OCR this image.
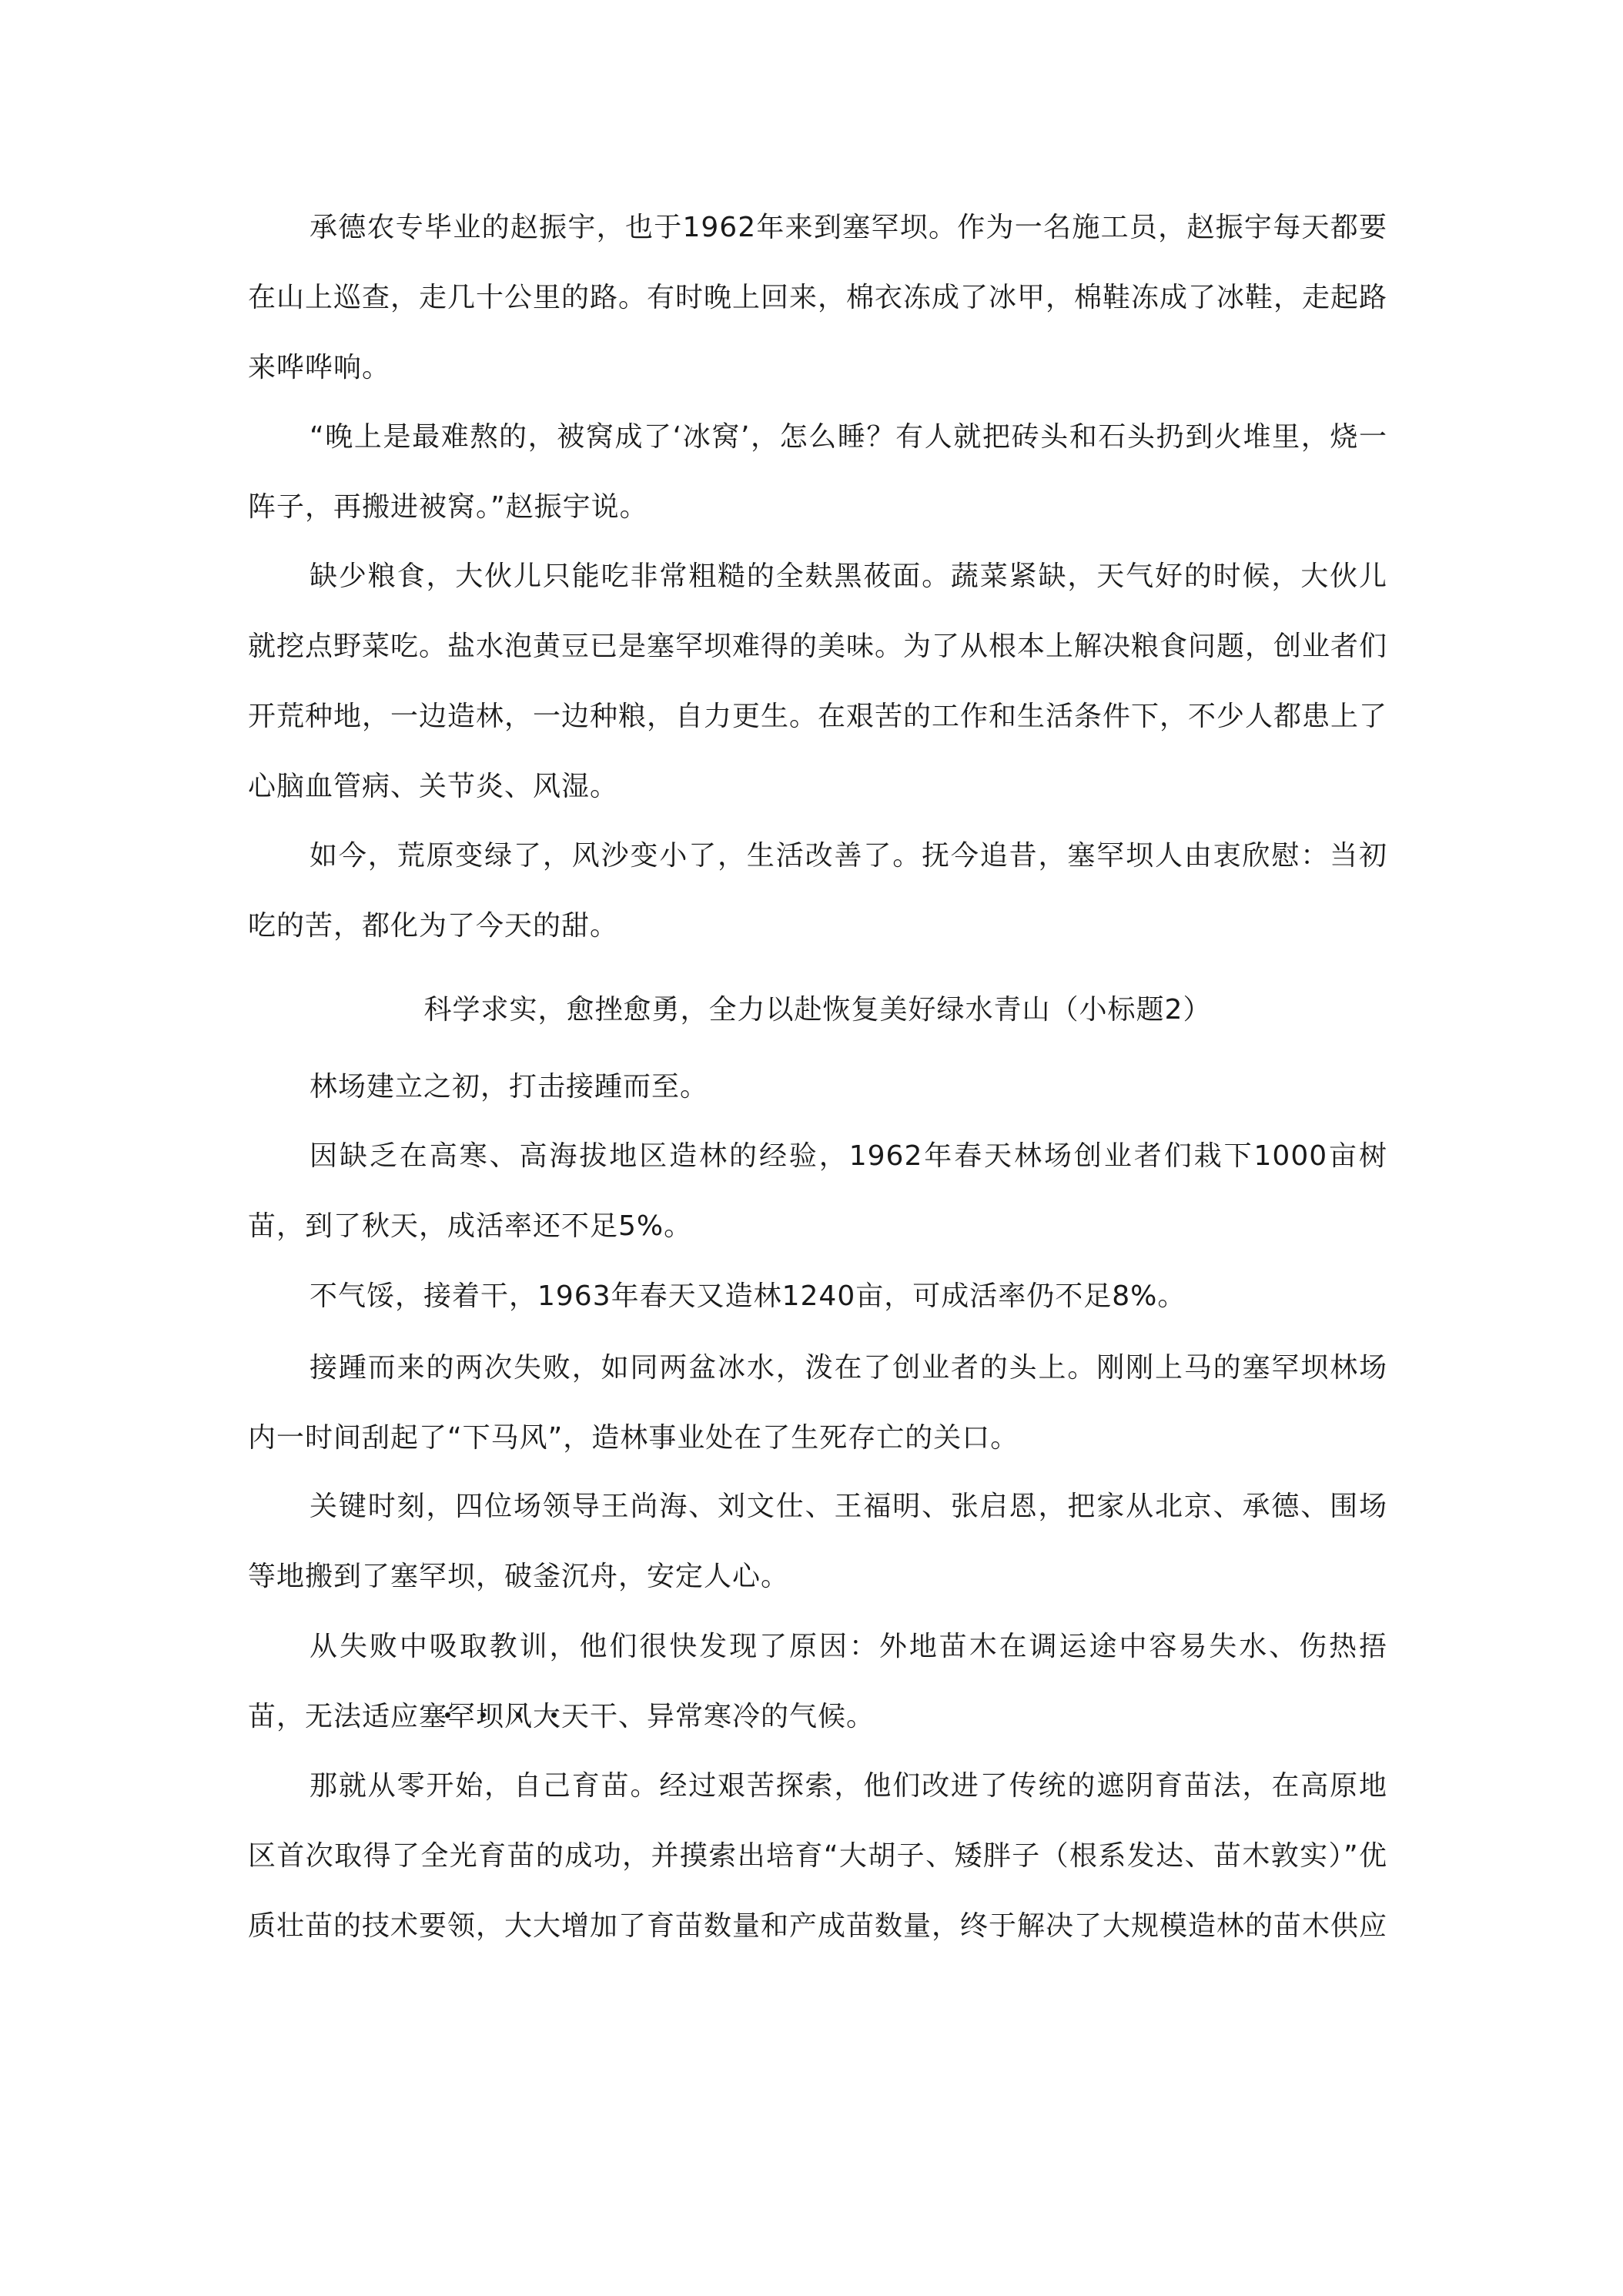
承德农专毕业的赵振宇，也于1962年来到塞罕坝。作为一名施工员，赵振宇每天都要在山上巡查，走几十公里的路。有时晚上回来，棉衣冻成了冰甲，棉鞋冻成了冰鞋，走起路来哗哗响。

“晚上是最难熬的，被窝成了‘冰窝’，怎么睡？有人就把砖头和石头扔到火堆里，烧一阵子，再搬进被窝。”赵振宇说。

缺少粮食，大伙儿只能吃非常粗糙的全麸黑莜面。蔬菜紧缺，天气好的时候，大伙儿就挖点野菜吃。盐水泡黄豆已是塞罕坝难得的美味。为了从根本上解决粮食问题，创业者们开荒种地，一边造林，一边种粮，自力更生。在艰苦的工作和生活条件下，不少人都患上了心脑血管病、关节炎、风湿。

如今，荒原变绿了，风沙变小了，生活改善了。抚今追昔，塞罕坝人由衷欣慰：当初吃的苦，都化为了今天的甜。

科学求实，愈挫愈勇，全力以赴恢复美好绿水青山（小标题2）

林场建立之初，打击接踵而至。

因缺乏在高寒、高海拔地区造林的经验，1962年春天林场创业者们栽下1000亩树苗，到了秋天，成活率还不足5%。

不气馁，接着干，1963年春天又造林1240亩，可成活率仍不足8%。

接踵而来的两次失败，如同两盆冰水，泼在了创业者的头上。刚刚上马的塞罕坝林场内一时间刮起了“下马风”，造林事业处在了生死存亡的关口。

关键时刻，四位场领导王尚海、刘文仕、王福明、张启恩，把家从北京、承德、围场等地搬到了塞罕坝，破釜沉舟，安定人心。

从失败中吸取教训，他们很快发现了原因：外地苗木在调运途中容易失水、伤热捂苗，无法适应塞罕坝风大天干、异常寒冷的气候。

那就从零开始，自己育苗。经过艰苦探索，他们改进了传统的遮阴育苗法，在高原地区首次取得了全光育苗的成功，并摸索出培育“大胡子、矮胖子（根系发达、苗木敦实）”优质壮苗的技术要领，大大增加了育苗数量和产成苗数量，终于解决了大规模造林的苗木供应
